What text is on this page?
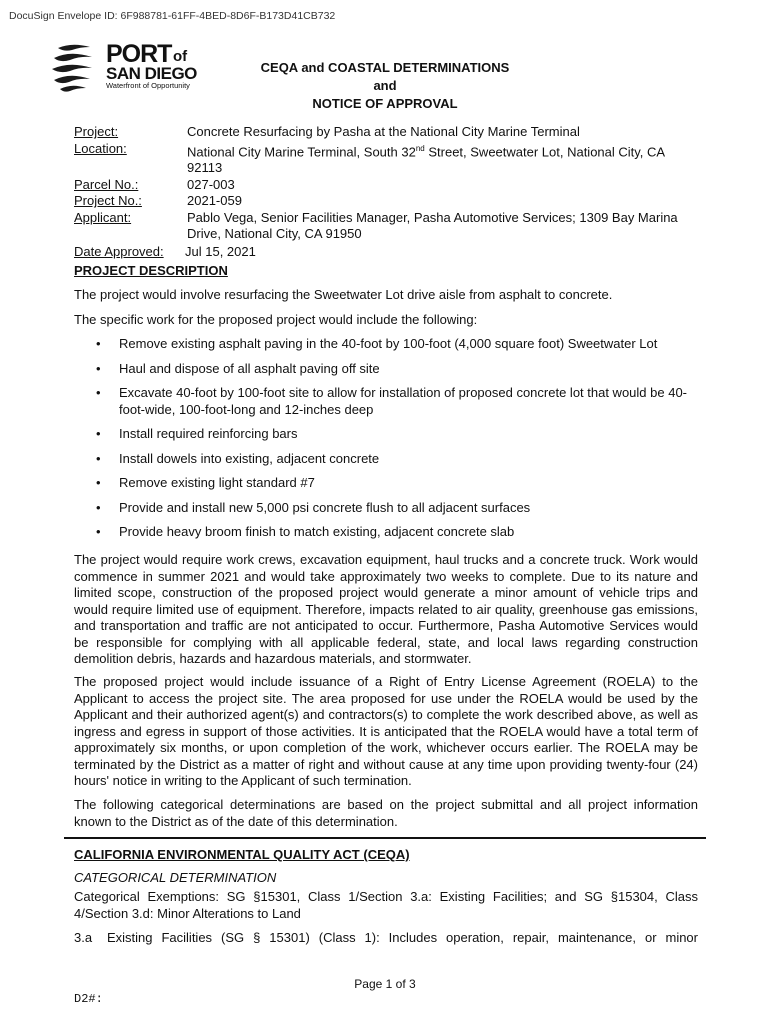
DocuSign Envelope ID: 6F988781-61FF-4BED-8D6F-B173D41CB732
PORT of
SAN DIEGO
Waterfront of Opportunity
CEQA and COASTAL DETERMINATIONS
and
NOTICE OF APPROVAL
Project:	Concrete Resurfacing by Pasha at the National City Marine Terminal
Location:	National City Marine Terminal, South 32nd Street, Sweetwater Lot, National City, CA 92113
Parcel No.:	027-003
Project No.:	2021-059
Applicant:	Pablo Vega, Senior Facilities Manager, Pasha Automotive Services; 1309 Bay Marina Drive, National City, CA 91950
Date Approved:	Jul 15, 2021
PROJECT DESCRIPTION
The project would involve resurfacing the Sweetwater Lot drive aisle from asphalt to concrete.
The specific work for the proposed project would include the following:
• Remove existing asphalt paving in the 40-foot by 100-foot (4,000 square foot) Sweetwater Lot
• Haul and dispose of all asphalt paving off site
• Excavate 40-foot by 100-foot site to allow for installation of proposed concrete lot that would be 40-foot-wide, 100-foot-long and 12-inches deep
• Install required reinforcing bars
• Install dowels into existing, adjacent concrete
• Remove existing light standard #7
• Provide and install new 5,000 psi concrete flush to all adjacent surfaces
• Provide heavy broom finish to match existing, adjacent concrete slab
The project would require work crews, excavation equipment, haul trucks and a concrete truck. Work would commence in summer 2021 and would take approximately two weeks to complete. Due to its nature and limited scope, construction of the proposed project would generate a minor amount of vehicle trips and would require limited use of equipment. Therefore, impacts related to air quality, greenhouse gas emissions, and transportation and traffic are not anticipated to occur. Furthermore, Pasha Automotive Services would be responsible for complying with all applicable federal, state, and local laws regarding construction demolition debris, hazards and hazardous materials, and stormwater.
The proposed project would include issuance of a Right of Entry License Agreement (ROELA) to the Applicant to access the project site. The area proposed for use under the ROELA would be used by the Applicant and their authorized agent(s) and contractors(s) to complete the work described above, as well as ingress and egress in support of those activities. It is anticipated that the ROELA would have a total term of approximately six months, or upon completion of the work, whichever occurs earlier. The ROELA may be terminated by the District as a matter of right and without cause at any time upon providing twenty-four (24) hours' notice in writing to the Applicant of such termination.
The following categorical determinations are based on the project submittal and all project information known to the District as of the date of this determination.
CALIFORNIA ENVIRONMENTAL QUALITY ACT (CEQA)
CATEGORICAL DETERMINATION
Categorical Exemptions: SG §15301, Class 1/Section 3.a: Existing Facilities; and SG §15304, Class 4/Section 3.d: Minor Alterations to Land
3.a Existing Facilities (SG § 15301) (Class 1): Includes operation, repair, maintenance, or minor
Page 1 of 3
D2#:
